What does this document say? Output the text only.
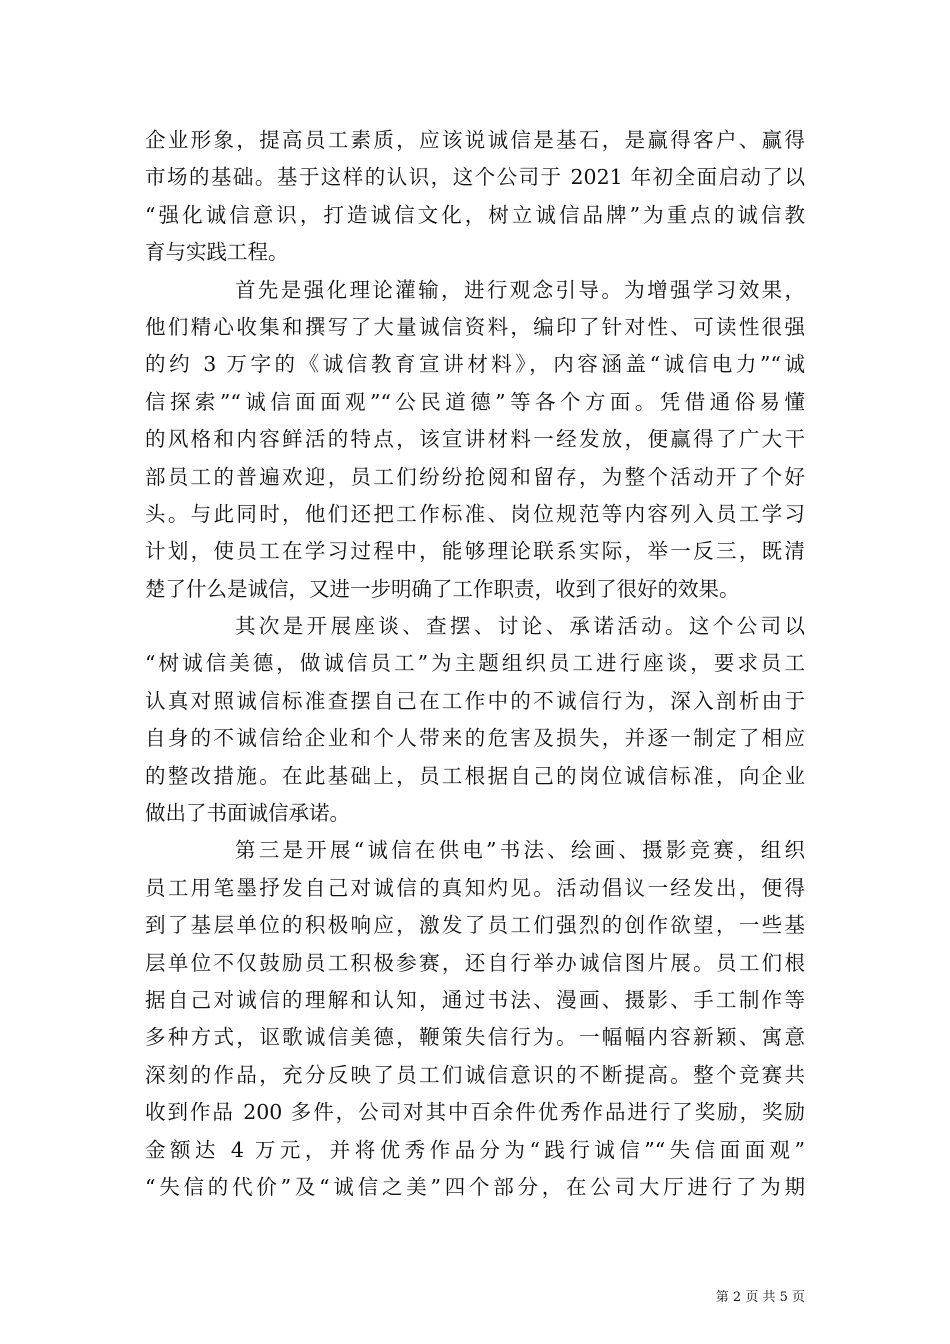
企业形象，提高员工素质，应该说诚信是基石，是赢得客户、赢得
市场的基础。基于这样的认识，这个公司于 2021 年初全面启动了以
“强化诚信意识，打造诚信文化，树立诚信品牌”为重点的诚信教
育与实践工程。
首先是强化理论灌输，进行观念引导。为增强学习效果，
他们精心收集和撰写了大量诚信资料，编印了针对性、可读性很强
的约 3 万字的《诚信教育宣讲材料》，内容涵盖“诚信电力”“诚
信探索”“诚信面面观”“公民道德”等各个方面。凭借通俗易懂
的风格和内容鲜活的特点，该宣讲材料一经发放，便赢得了广大干
部员工的普遍欢迎，员工们纷纷抢阅和留存，为整个活动开了个好
头。与此同时，他们还把工作标准、岗位规范等内容列入员工学习
计划，使员工在学习过程中，能够理论联系实际，举一反三，既清
楚了什么是诚信，又进一步明确了工作职责，收到了很好的效果。
其次是开展座谈、查摆、讨论、承诺活动。这个公司以
“树诚信美德，做诚信员工”为主题组织员工进行座谈，要求员工
认真对照诚信标准查摆自己在工作中的不诚信行为，深入剖析由于
自身的不诚信给企业和个人带来的危害及损失，并逐一制定了相应
的整改措施。在此基础上，员工根据自己的岗位诚信标准，向企业
做出了书面诚信承诺。
第三是开展“诚信在供电”书法、绘画、摄影竞赛，组织
员工用笔墨抒发自己对诚信的真知灼见。活动倡议一经发出，便得
到了基层单位的积极响应，激发了员工们强烈的创作欲望，一些基
层单位不仅鼓励员工积极参赛，还自行举办诚信图片展。员工们根
据自己对诚信的理解和认知，通过书法、漫画、摄影、手工制作等
多种方式，讴歌诚信美德，鞭策失信行为。一幅幅内容新颖、寓意
深刻的作品，充分反映了员工们诚信意识的不断提高。整个竞赛共
收到作品 200 多件，公司对其中百余件优秀作品进行了奖励，奖励
金额达 4 万元，并将优秀作品分为“践行诚信”“失信面面观”
“失信的代价”及“诚信之美”四个部分，在公司大厅进行了为期
第 2 页 共 5 页
